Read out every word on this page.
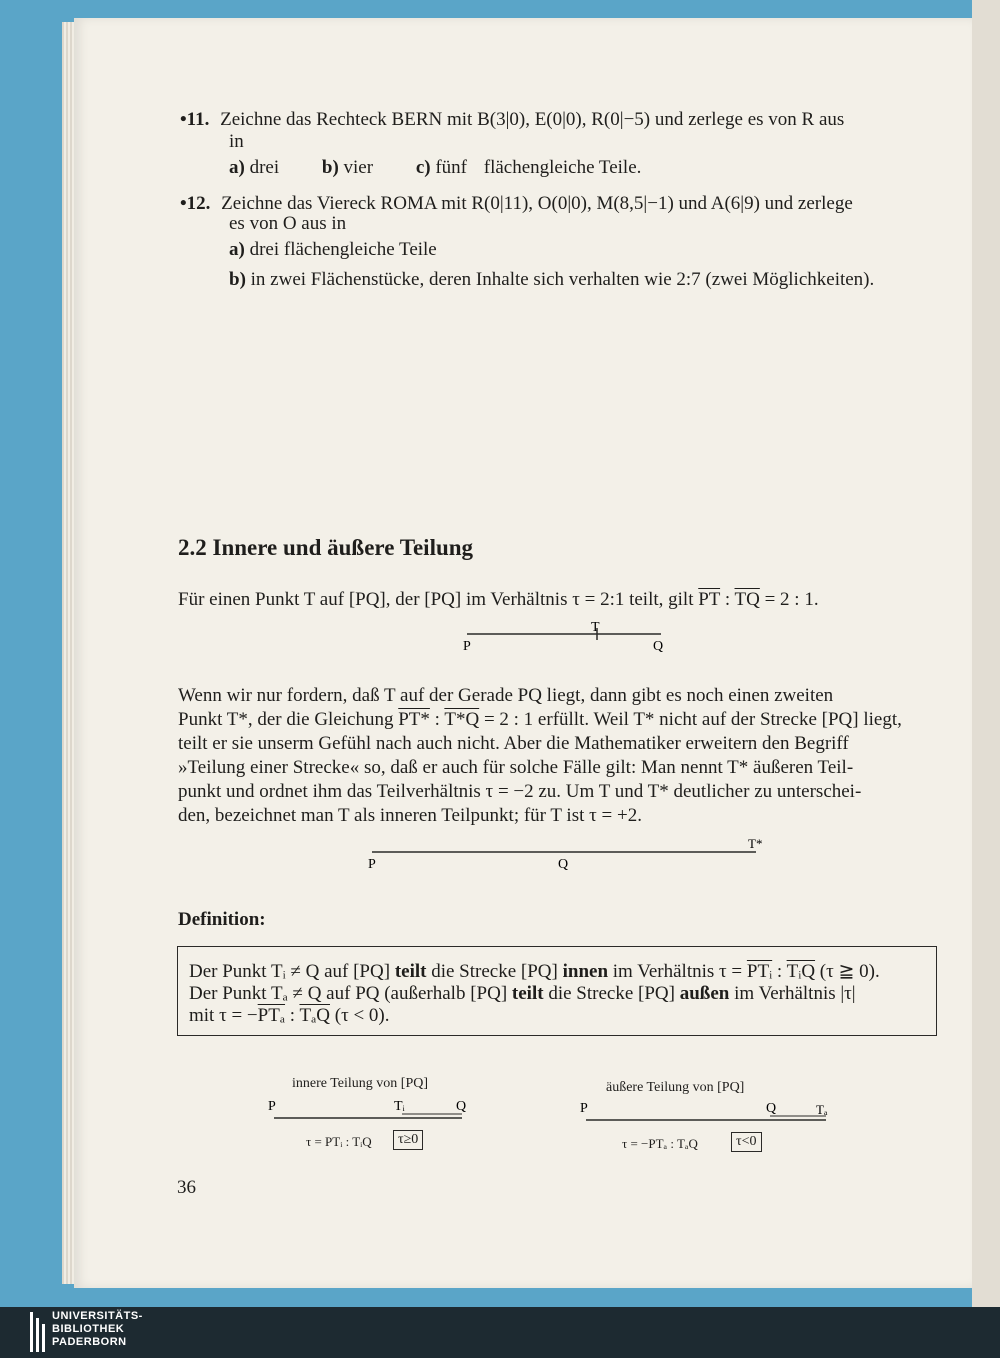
•11. Zeichne das Rechteck BERN mit B(3|0), E(0|0), R(0|−5) und zerlege es von R aus
in
a) drei b) vier c) fünf flächengleiche Teile.
•12. Zeichne das Viereck ROMA mit R(0|11), O(0|0), M(8,5|−1) und A(6|9) und zerlege
es von O aus in
a) drei flächengleiche Teile
b) in zwei Flächenstücke, deren Inhalte sich verhalten wie 2:7 (zwei Möglichkeiten).
2.2 Innere und äußere Teilung
Für einen Punkt T auf [PQ], der [PQ] im Verhältnis τ = 2:1 teilt, gilt $\overline{PT}$ : $\overline{TQ} = 2$ : 1.
P
T
Q
Wenn wir nur fordern, daß T auf der Gerade PQ liegt, dann gibt es noch einen zweiten
Punkt T*, der die Gleichung PT* : T*Q = 2 : 1 erfüllt. Weil T* nicht auf der Strecke [PQ] liegt,
teilt er sie unserm Gefühl nach auch nicht. Aber die Mathematiker erweitern den Begriff
»Teilung einer Strecke« so, daß er auch für solche Fälle gilt: Man nennt T* äußeren Teil-
punkt und ordnet ihm das Teilverhältnis τ = −2 zu. Um T und T* deutlicher zu unterschei-
den, bezeichnet man T als inneren Teilpunkt; für T ist τ = +2.
P	Q
T*
Definition:
Der Punkt Tᵢ ≠ Q auf [PQ] teilt die Strecke [PQ] innen im Verhältnis $\tau = \overline{PTᵢ}$ : $\overline{TᵢQ}$ (τ ≧ 0).
Der Punkt Tₐ ≠ Q auf PQ (außerhalb [PQ] teilt die Strecke [PQ] außen im Verhältnis |τ|
mit $\tau = -\overline{PT_a}$ : $\overline{T_aQ}$ (τ < 0).
innere Teilung von [PQ]
P	Tᵢ	Q
τ = PTᵢ : TᵢQ	τ≥0
äußere Teilung von [PQ]
P	Q	Tₐ
τ = −PTₐ : TₐQ	τ<0
36
UNIVERSITÄTS-
BIBLIOTHEK
PADERBORN
